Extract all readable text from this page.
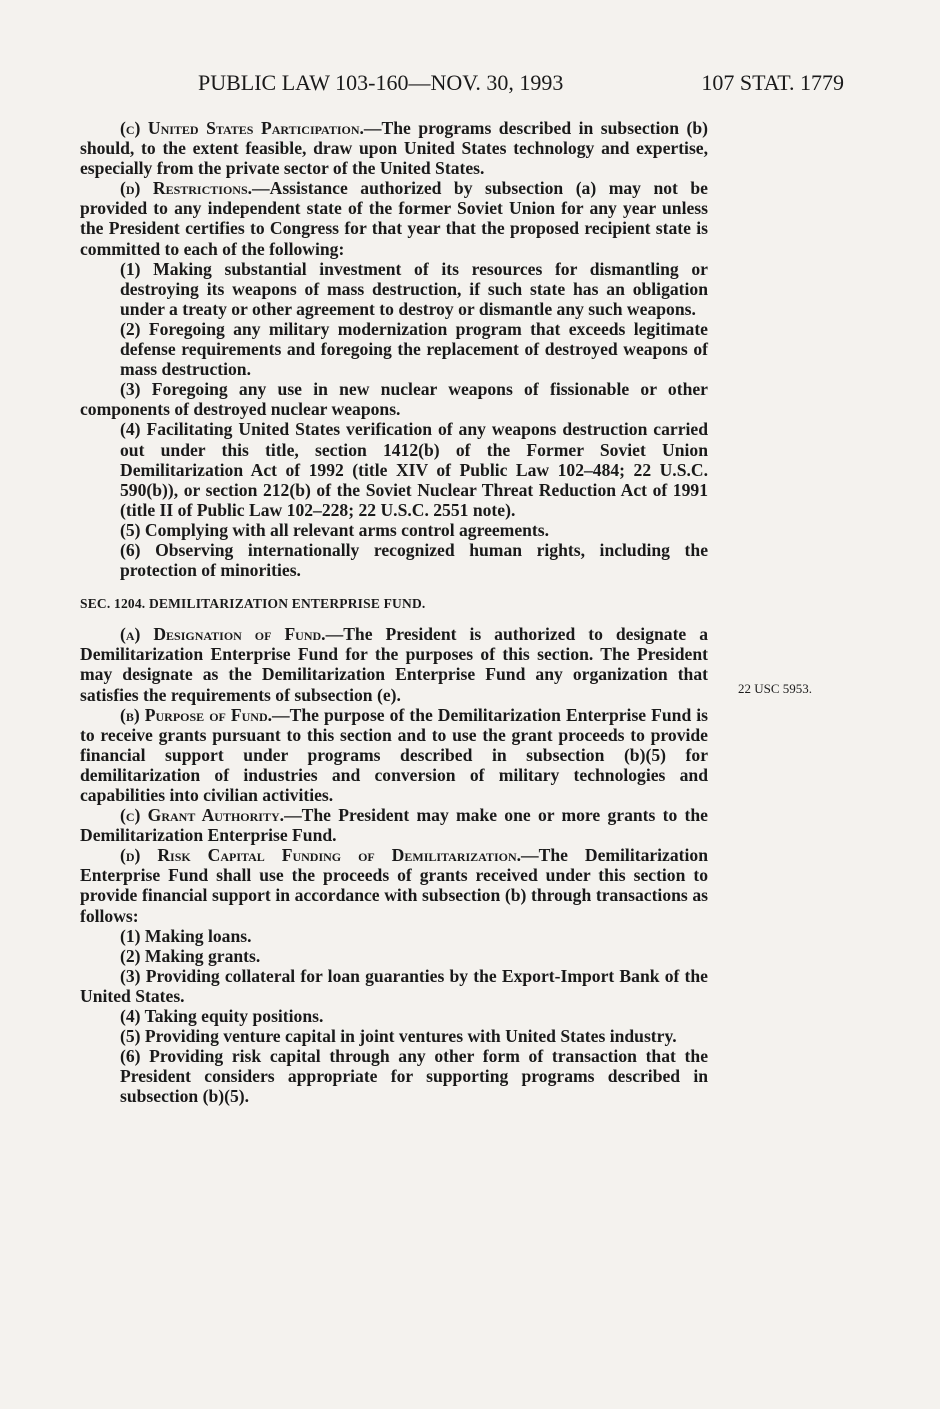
PUBLIC LAW 103-160—NOV. 30, 1993	107 STAT. 1779
22 USC 5953.

(c) United States Participation.—The programs described in subsection (b) should, to the extent feasible, draw upon United States technology and expertise, especially from the private sector of the United States.

(d) Restrictions.—Assistance authorized by subsection (a) may not be provided to any independent state of the former Soviet Union for any year unless the President certifies to Congress for that year that the proposed recipient state is committed to each of the following:

(1) Making substantial investment of its resources for dismantling or destroying its weapons of mass destruction, if such state has an obligation under a treaty or other agreement to destroy or dismantle any such weapons.

(2) Foregoing any military modernization program that exceeds legitimate defense requirements and foregoing the replacement of destroyed weapons of mass destruction.

(3) Foregoing any use in new nuclear weapons of fissionable or other components of destroyed nuclear weapons.

(4) Facilitating United States verification of any weapons destruction carried out under this title, section 1412(b) of the Former Soviet Union Demilitarization Act of 1992 (title XIV of Public Law 102–484; 22 U.S.C. 590(b)), or section 212(b) of the Soviet Nuclear Threat Reduction Act of 1991 (title II of Public Law 102–228; 22 U.S.C. 2551 note).

(5) Complying with all relevant arms control agreements.

(6) Observing internationally recognized human rights, including the protection of minorities.

SEC. 1204. DEMILITARIZATION ENTERPRISE FUND.

(a) Designation of Fund.—The President is authorized to designate a Demilitarization Enterprise Fund for the purposes of this section. The President may designate as the Demilitarization Enterprise Fund any organization that satisfies the requirements of subsection (e).

(b) Purpose of Fund.—The purpose of the Demilitarization Enterprise Fund is to receive grants pursuant to this section and to use the grant proceeds to provide financial support under programs described in subsection (b)(5) for demilitarization of industries and conversion of military technologies and capabilities into civilian activities.

(c) Grant Authority.—The President may make one or more grants to the Demilitarization Enterprise Fund.

(d) Risk Capital Funding of Demilitarization.—The Demilitarization Enterprise Fund shall use the proceeds of grants received under this section to provide financial support in accordance with subsection (b) through transactions as follows:

(1) Making loans.

(2) Making grants.

(3) Providing collateral for loan guaranties by the Export-Import Bank of the United States.

(4) Taking equity positions.

(5) Providing venture capital in joint ventures with United States industry.

(6) Providing risk capital through any other form of transaction that the President considers appropriate for supporting programs described in subsection (b)(5).
